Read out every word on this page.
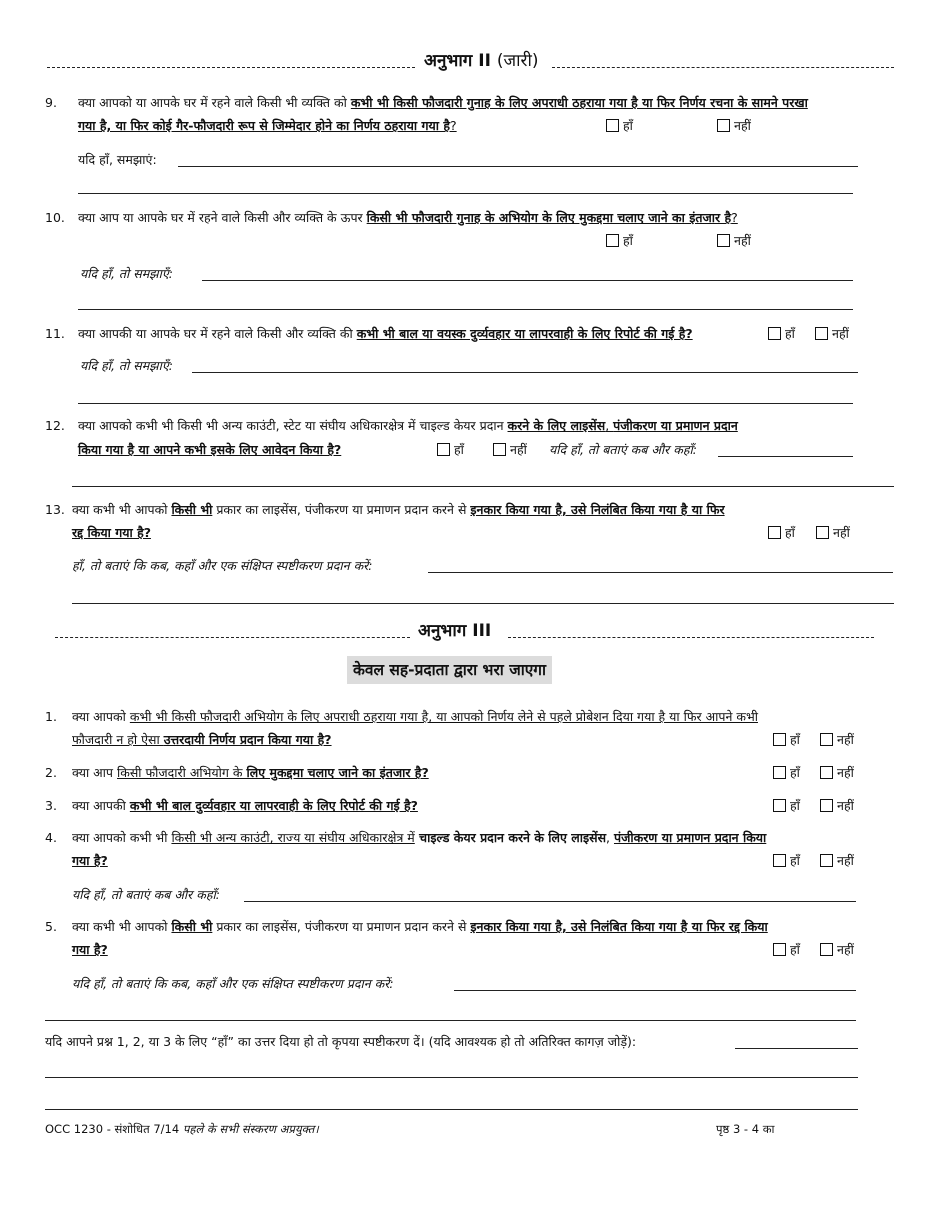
अनुभाग II (जारी)
9. क्या आपको या आपके घर में रहने वाले किसी भी व्यक्ति को कभी भी किसी फौजदारी गुनाह के लिए अपराधी ठहराया गया है या फिर निर्णय रचना के सामने परखा
गया है, या फिर कोई गैर-फौजदारी रूप से जिम्मेदार होने का निर्णय ठहराया गया है?	हाँ	नहीं
यदि हाँ, समझाएं:
10. क्या आप या आपके घर में रहने वाले किसी और व्यक्ति के ऊपर किसी भी फौजदारी गुनाह के अभियोग के लिए मुकद्दमा चलाए जाने का इंतजार है?
हाँ	नहीं
यदि हाँ, तो समझाएँ:
11. क्या आपकी या आपके घर में रहने वाले किसी और व्यक्ति की कभी भी बाल या वयस्क दुर्व्यवहार या लापरवाही के लिए रिपोर्ट की गई है?	हाँ	नहीं
यदि हाँ, तो समझाएँ:
12. क्या आपको कभी भी किसी भी अन्य काउंटी, स्टेट या संघीय अधिकारक्षेत्र में चाइल्ड केयर प्रदान करने के लिए लाइसेंस, पंजीकरण या प्रमाणन प्रदान
किया गया है या आपने कभी इसके लिए आवेदन किया है?	हाँ	नहीं यदि हाँ, तो बताएं कब और कहाँ:
13. क्या कभी भी आपको किसी भी प्रकार का लाइसेंस, पंजीकरण या प्रमाणन प्रदान करने से इनकार किया गया है, उसे निलंबित किया गया है या फिर
रद्द किया गया है?	हाँ	नहीं
हाँ, तो बताएं कि कब, कहाँ और एक संक्षिप्त स्पष्टीकरण प्रदान करें:
अनुभाग III
केवल सह-प्रदाता द्वारा भरा जाएगा
1. क्या आपको कभी भी किसी फौजदारी अभियोग के लिए अपराधी ठहराया गया है, या आपको निर्णय लेने से पहले प्रोबेशन दिया गया है या फिर आपने कभी
फौजदारी न हो ऐसा उत्तरदायी निर्णय प्रदान किया गया है?	हाँ	नहीं
2. क्या आप किसी फौजदारी अभियोग के लिए मुकद्दमा चलाए जाने का इंतजार है?	हाँ	नहीं
3. क्या आपकी कभी भी बाल दुर्व्यवहार या लापरवाही के लिए रिपोर्ट की गई है?	हाँ	नहीं
4. क्या आपको कभी भी किसी भी अन्य काउंटी, राज्य या संघीय अधिकारक्षेत्र में चाइल्ड केयर प्रदान करने के लिए लाइसेंस, पंजीकरण या प्रमाणन प्रदान किया
गया है?	हाँ	नहीं
यदि हाँ, तो बताएं कब और कहाँ:
5. क्या कभी भी आपको किसी भी प्रकार का लाइसेंस, पंजीकरण या प्रमाणन प्रदान करने से इनकार किया गया है, उसे निलंबित किया गया है या फिर रद्द किया
गया है?	हाँ	नहीं
यदि हाँ, तो बताएं कि कब, कहाँ और एक संक्षिप्त स्पष्टीकरण प्रदान करें:
यदि आपने प्रश्न 1, 2, या 3 के लिए “हाँ” का उत्तर दिया हो तो कृपया स्पष्टीकरण दें। (यदि आवश्यक हो तो अतिरिक्त कागज़ जोड़ें):
OCC 1230 - संशोधित 7/14 पहले के सभी संस्करण अप्रयुक्त।	पृष्ठ 3 - 4 का
